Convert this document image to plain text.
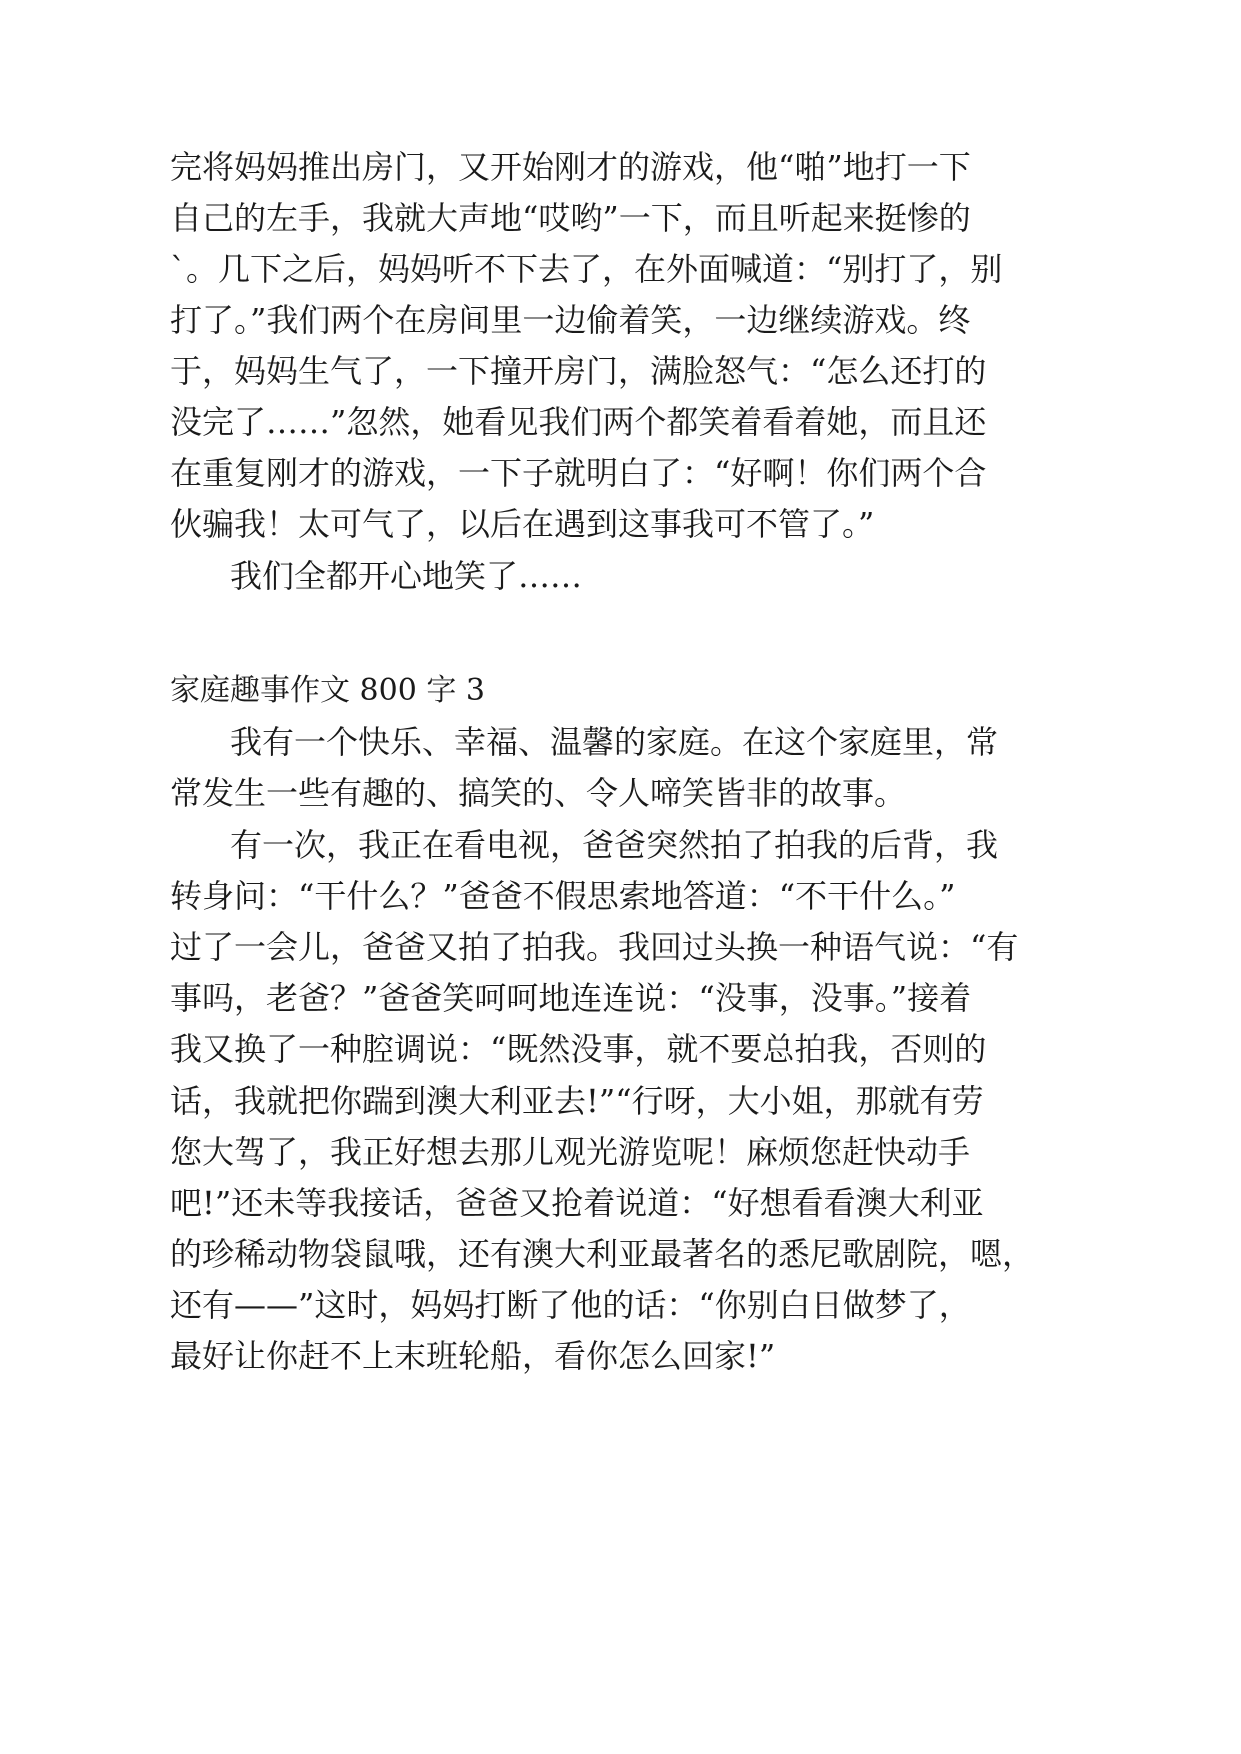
完将妈妈推出房门，又开始刚才的游戏，他“啪”地打一下
自己的左手，我就大声地“哎哟”一下，而且听起来挺惨的
`。几下之后，妈妈听不下去了，在外面喊道：“别打了，别
打了。”我们两个在房间里一边偷着笑，一边继续游戏。终
于，妈妈生气了，一下撞开房门，满脸怒气：“怎么还打的
没完了……”忽然，她看见我们两个都笑着看着她，而且还
在重复刚才的游戏，一下子就明白了：“好啊！你们两个合
伙骗我！太可气了，以后在遇到这事我可不管了。”
我们全都开心地笑了……
家庭趣事作文 800 字 3
我有一个快乐、幸福、温馨的家庭。在这个家庭里，常
常发生一些有趣的、搞笑的、令人啼笑皆非的故事。
有一次，我正在看电视，爸爸突然拍了拍我的后背，我
转身问：“干什么？”爸爸不假思索地答道：“不干什么。”
过了一会儿，爸爸又拍了拍我。我回过头换一种语气说：“有
事吗，老爸？”爸爸笑呵呵地连连说：“没事，没事。”接着
我又换了一种腔调说：“既然没事，就不要总拍我，否则的
话，我就把你踹到澳大利亚去!”“行呀，大小姐，那就有劳
您大驾了，我正好想去那儿观光游览呢！麻烦您赶快动手
吧!”还未等我接话，爸爸又抢着说道：“好想看看澳大利亚
的珍稀动物袋鼠哦，还有澳大利亚最著名的悉尼歌剧院，嗯，
还有——”这时，妈妈打断了他的话：“你别白日做梦了，
最好让你赶不上末班轮船，看你怎么回家!”
